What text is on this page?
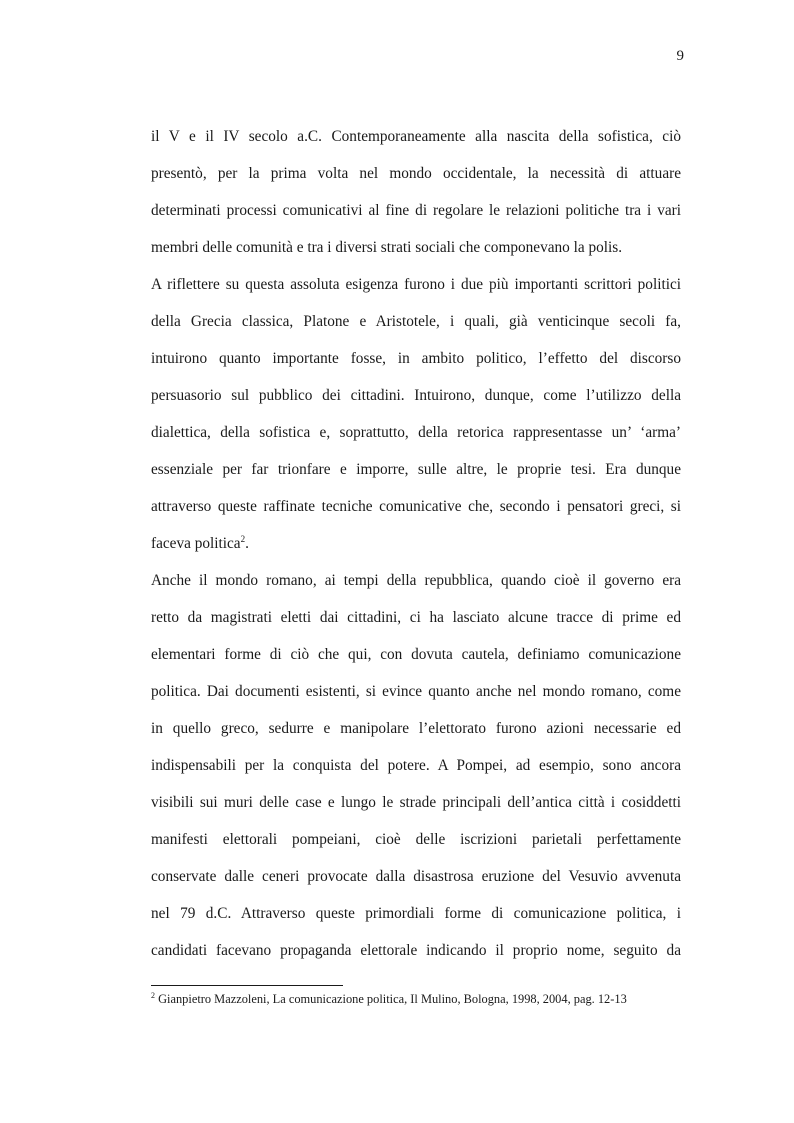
9
il V e il IV secolo a.C. Contemporaneamente alla nascita della sofistica, ciò
presentò, per la prima volta nel mondo occidentale, la necessità di attuare
determinati processi comunicativi al fine di regolare le relazioni politiche tra i vari
membri delle comunità e tra i diversi strati sociali che componevano la polis.
A riflettere su questa assoluta esigenza furono i due più importanti scrittori politici
della Grecia classica, Platone e Aristotele, i quali, già venticinque secoli fa,
intuirono quanto importante fosse, in ambito politico, l’effetto del discorso
persuasorio sul pubblico dei cittadini. Intuirono, dunque, come l’utilizzo della
dialettica, della sofistica e, soprattutto, della retorica rappresentasse un’ ‘arma’
essenziale per far trionfare e imporre, sulle altre, le proprie tesi. Era dunque
attraverso queste raffinate tecniche comunicative che, secondo i pensatori greci, si
faceva politica$^2$.
Anche il mondo romano, ai tempi della repubblica, quando cioè il governo era
retto da magistrati eletti dai cittadini, ci ha lasciato alcune tracce di prime ed
elementari forme di ciò che qui, con dovuta cautela, definiamo comunicazione
politica. Dai documenti esistenti, si evince quanto anche nel mondo romano, come
in quello greco, sedurre e manipolare l’elettorato furono azioni necessarie ed
indispensabili per la conquista del potere. A Pompei, ad esempio, sono ancora
visibili sui muri delle case e lungo le strade principali dell’antica città i cosiddetti
manifesti elettorali pompeiani, cioè delle iscrizioni parietali perfettamente
conservate dalle ceneri provocate dalla disastrosa eruzione del Vesuvio avvenuta
nel 79 d.C. Attraverso queste primordiali forme di comunicazione politica, i
candidati facevano propaganda elettorale indicando il proprio nome, seguito da
$^2$ Gianpietro Mazzoleni, La comunicazione politica, Il Mulino, Bologna, 1998, 2004, pag. 12-13
